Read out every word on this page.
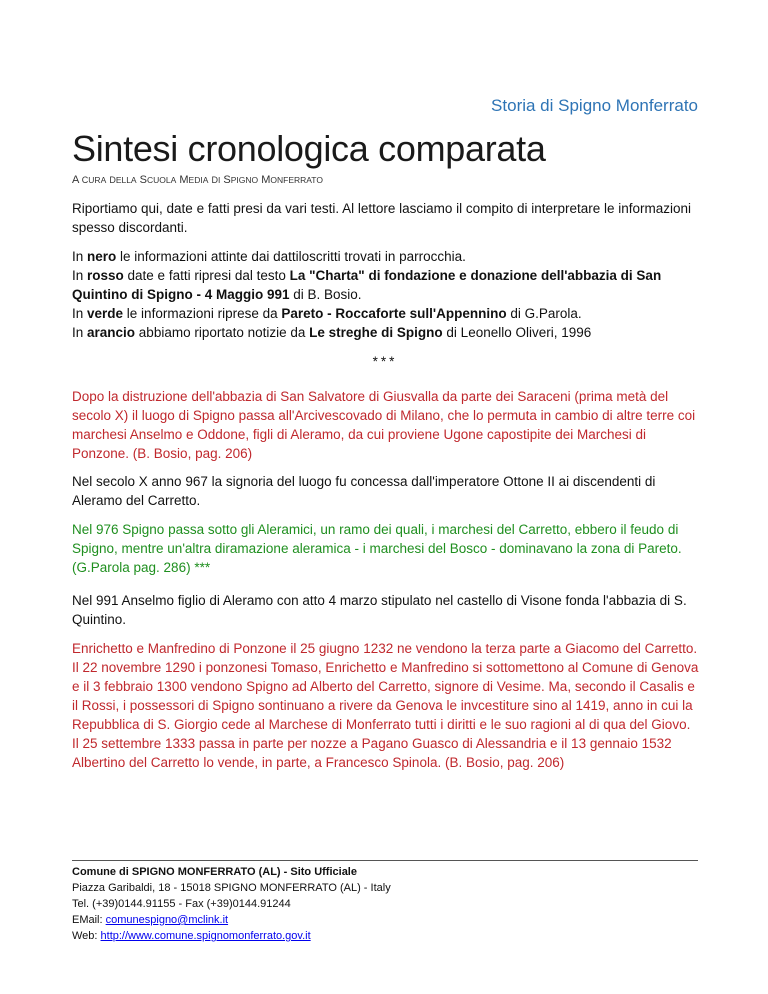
Storia di Spigno Monferrato
Sintesi cronologica comparata
A CURA DELLA SCUOLA MEDIA DI SPIGNO MONFERRATO
Riportiamo qui, date e fatti presi da vari testi. Al lettore lasciamo il compito di interpretare le informazioni spesso discordanti.
In nero le informazioni attinte dai dattiloscritti trovati in parrocchia.
In rosso date e fatti ripresi dal testo La "Charta" di fondazione e donazione dell'abbazia di San
Quintino di Spigno - 4 Maggio 991 di B. Bosio.
In verde le informazioni riprese da Pareto - Roccaforte sull'Appennino di G.Parola.
In arancio abbiamo riportato notizie da Le streghe di Spigno di Leonello Oliveri, 1996
***
Dopo la distruzione dell'abbazia di San Salvatore di Giusvalla da parte dei Saraceni (prima metà del secolo X) il luogo di Spigno passa all'Arcivescovado di Milano, che lo permuta in cambio di altre terre coi marchesi Anselmo e Oddone, figli di Aleramo, da cui proviene Ugone capostipite dei Marchesi di Ponzone. (B. Bosio, pag. 206)
Nel secolo X anno 967 la signoria del luogo fu concessa dall'imperatore Ottone II ai discendenti di Aleramo del Carretto.
Nel 976 Spigno passa sotto gli Aleramici, un ramo dei quali, i marchesi del Carretto, ebbero il feudo di Spigno, mentre un'altra diramazione aleramica - i marchesi del Bosco - dominavano la zona di Pareto. (G.Parola pag. 286) ***
Nel 991 Anselmo figlio di Aleramo con atto 4 marzo stipulato nel castello di Visone fonda l'abbazia di S. Quintino.
Enrichetto e Manfredino di Ponzone il 25 giugno 1232 ne vendono la terza parte a Giacomo del Carretto.
Il 22 novembre 1290 i ponzonesi Tomaso, Enrichetto e Manfredino si sottomettono al Comune di Genova e il 3 febbraio 1300 vendono Spigno ad Alberto del Carretto, signore di Vesime. Ma, secondo il Casalis e il Rossi, i possessori di Spigno sontinuano a rivere da Genova le invcestiture sino al 1419, anno in cui la Repubblica di S. Giorgio cede al Marchese di Monferrato tutti i diritti e le suo ragioni al di qua del Giovo.
Il 25 settembre 1333 passa in parte per nozze a Pagano Guasco di Alessandria e il 13 gennaio 1532 Albertino del Carretto lo vende, in parte, a Francesco Spinola. (B. Bosio, pag. 206)
Comune di SPIGNO MONFERRATO (AL) - Sito Ufficiale
Piazza Garibaldi, 18 - 15018 SPIGNO MONFERRATO (AL) - Italy
Tel. (+39)0144.91155 - Fax (+39)0144.91244
EMail: comunespigno@mclink.it
Web: http://www.comune.spignomonferrato.gov.it
